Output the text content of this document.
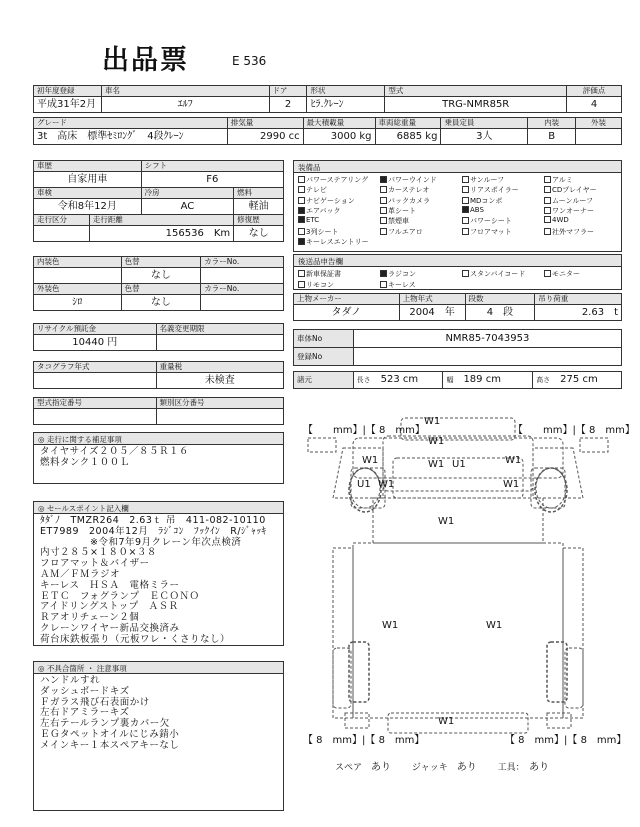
出品票	E 536
初年度登録	車名	ドア	形状	型式	評価点
平成31年2月	ｴﾙﾌ	2	ﾋﾗ.ｸﾚｰﾝ	TRG-NMR85R	4
グレード	排気量	最大積載量	車両総重量	乗員定員	内装	外装
3t　高床　標準ｾﾐﾛﾝｸﾞ　4段ｸﾚｰﾝ	2990 cc	3000 kg	6885 kg	3人	B	
車歴		シフト	
自家用車		F6	
車検		冷房	燃料
令和8年12月		AC	軽油
走行区分	走行距離		修復歴
	156536　 Km		なし
内装色	色替	カラーNo.
	なし	
外装色	色替	カラーNo.
ｼﾛ	なし	
リサイクル預託金	名義変更期限
10440 円	
タコグラフ年式	重量税
	未検査
型式指定番号	類別区分番号

装備品
パワーステアリング	パワーウインド	サンルーフ	アルミ
テレビ	カーステレオ	リアスポイラー	CDプレイヤー
ナビゲーション	バックカメラ	MDコンポ	ムーンルーフ
エアバック	革シート	ABS	ワンオーナー
ETC	禁煙車	パワーシート	4WD
3列シート	フルエアロ	フロアマット	社外マフラー
キーレスエントリー
後送品申告欄
新車保証書	ラジコン	スタンバイコード	モニター
リモコン	キーレス
上物メーカー	上物年式	段数	吊り荷重
タダノ	2004　 年	4　 段	2.63　 t
車体No	NMR85-7043953
登録No	
諸元	長さ　 523 cm	幅　 189 cm	高さ　 275 cm
◎ 走行に関する補足事項
タイヤサイズ２０５／８５Ｒ１６
燃料タンク１００Ｌ
◎ セールスポイント記入欄
ﾀﾀﾞﾉ　TMZR264　2.63ｔ 吊　411-082-10110
ET7989　2004年12月　ﾗｼﾞｺﾝ　ﾌｯｸｲﾝ　R/ｼﾞｬｯｷ
　　　　　※令和7年9月クレーン年次点検済
内寸２８５×１８０×３８
フロアマット＆バイザー
ＡＭ／ＦＭラジオ
キーレス　ＨＳＡ　電格ミラー
ＥＴＣ　フォグランプ　ＥＣＯＮＯ
アイドリングストップ　ＡＳＲ
Ｒアオリチェーン２個
クレーンワイヤー新品交換済み
荷台床鉄板張り（元板ワレ・くさりなし）
◎ 不具合箇所 ・ 注意事項
ハンドルすれ
ダッシュボードキズ
Ｆガラス飛び石表面かけ
左右ドアミラーキズ
左右テールランプ裏カバー欠
ＥＧタペットオイルにじみ錆小
メインキー１本スペアキーなし
【　　mm】|【 8　mm】	【　　mm】|【 8　mm】
W1
W1
W1 U1
W1	W1
U1 W1	W1
W1
W1	W1
W1
【 8　mm】|【 8　mm】	【 8　mm】|【 8　mm】
スペア　 あり　　 ジャッキ　 あり　　 工具：　 あり
